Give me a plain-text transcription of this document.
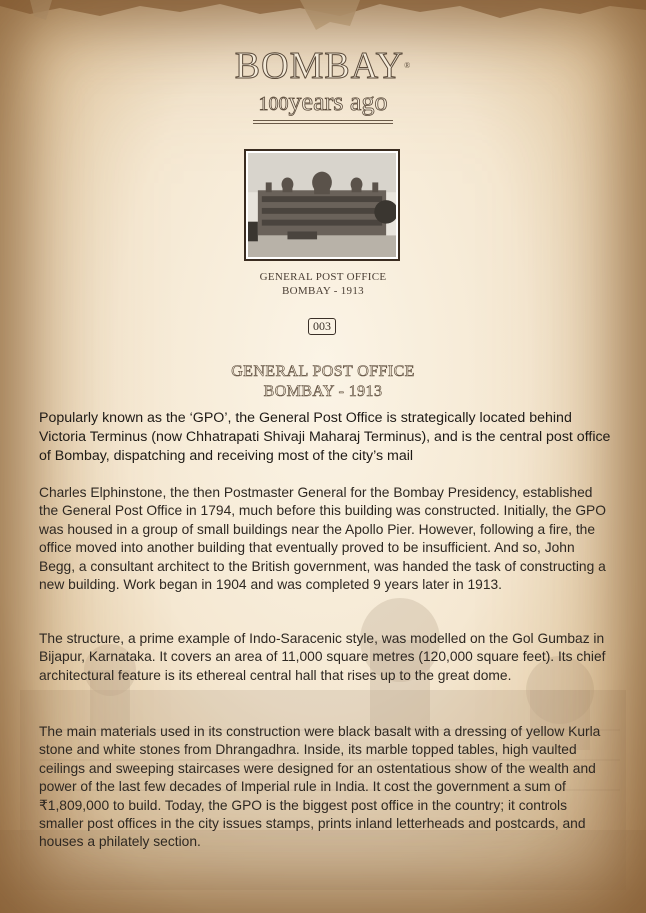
BOMBAY®
100years ago
GENERAL POST OFFICE
BOMBAY - 1913
003
GENERAL POST OFFICE
BOMBAY - 1913
Popularly known as the ‘GPO’, the General Post Office is strategically located behind Victoria Terminus (now Chhatrapati Shivaji Maharaj Terminus), and is the central post office of Bombay, dispatching and receiving most of the city’s mail
Charles Elphinstone, the then Postmaster General for the Bombay Presidency, established the General Post Office in 1794, much before this building was constructed. Initially, the GPO was housed in a group of small buildings near the Apollo Pier. However, following a fire, the office moved into another building that eventually proved to be insufficient. And so, John Begg, a consultant architect to the British government, was handed the task of constructing a new building. Work began in 1904 and was completed 9 years later in 1913.
The structure, a prime example of Indo-Saracenic style, was modelled on the Gol Gumbaz in Bijapur, Karnataka. It covers an area of 11,000 square metres (120,000 square feet). Its chief architectural feature is its ethereal central hall that rises up to the great dome.
The main materials used in its construction were black basalt with a dressing of yellow Kurla stone and white stones from Dhrangadhra. Inside, its marble topped tables, high vaulted ceilings and sweeping staircases were designed for an ostentatious show of the wealth and power of the last few decades of Imperial rule in India. It cost the government a sum of ₹1,809,000 to build. Today, the GPO is the biggest post office in the country; it controls smaller post offices in the city issues stamps, prints inland letterheads and postcards, and houses a philately section.
